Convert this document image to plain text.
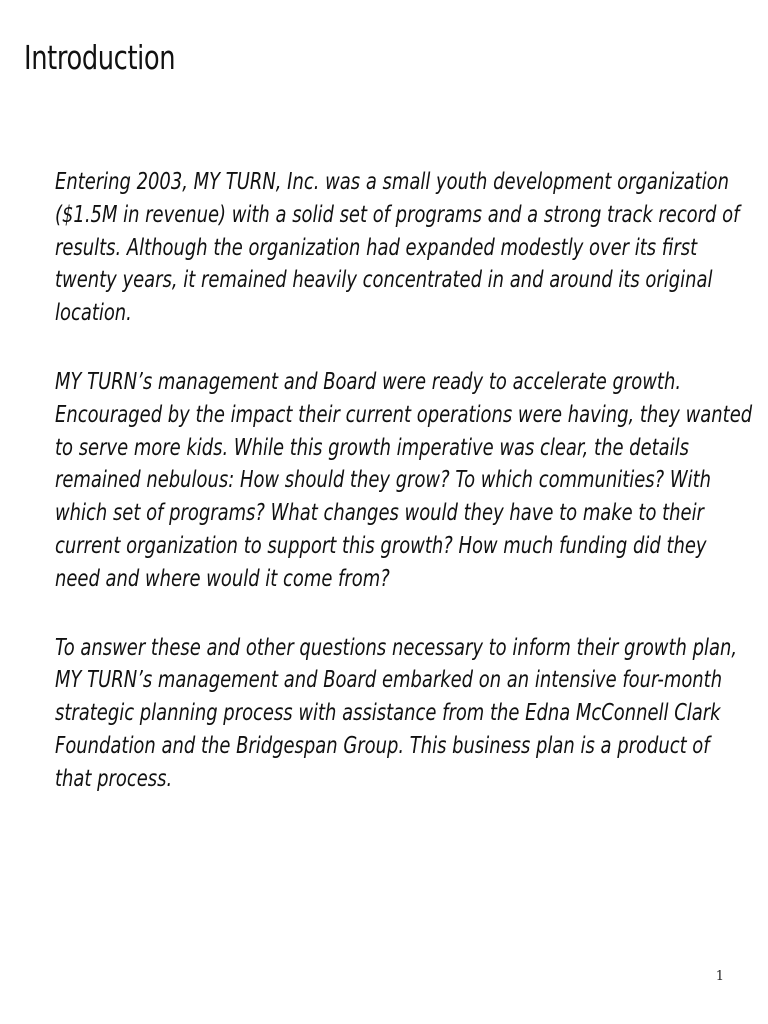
Introduction

Entering 2003, MY TURN, Inc. was a small youth development organization
($1.5M in revenue) with a solid set of programs and a strong track record of
results. Although the organization had expanded modestly over its first
twenty years, it remained heavily concentrated in and around its original
location.

MY TURN’s management and Board were ready to accelerate growth.
Encouraged by the impact their current operations were having, they wanted
to serve more kids. While this growth imperative was clear, the details
remained nebulous: How should they grow? To which communities? With
which set of programs? What changes would they have to make to their
current organization to support this growth? How much funding did they
need and where would it come from?

To answer these and other questions necessary to inform their growth plan,
MY TURN’s management and Board embarked on an intensive four-month
strategic planning process with assistance from the Edna McConnell Clark
Foundation and the Bridgespan Group. This business plan is a product of
that process.

1
